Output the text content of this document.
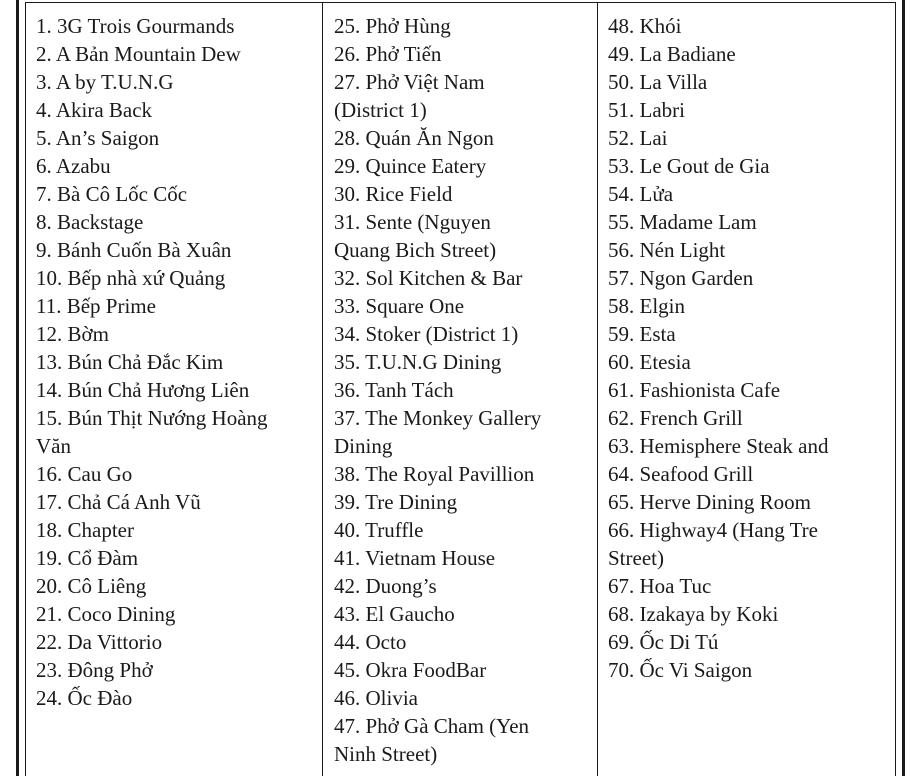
1. 3G Trois Gourmands
2. A Bản Mountain Dew
3. A by T.U.N.G
4. Akira Back
5. An’s Saigon
6. Azabu
7. Bà Cô Lốc Cốc
8. Backstage
9. Bánh Cuốn Bà Xuân
10. Bếp nhà xứ Quảng
11. Bếp Prime
12. Bờm
13. Bún Chả Đắc Kim
14. Bún Chả Hương Liên
15. Bún Thịt Nướng Hoàng
Văn
16. Cau Go
17. Chả Cá Anh Vũ
18. Chapter
19. Cổ Đàm
20. Cô Liêng
21. Coco Dining
22. Da Vittorio
23. Đông Phở
24. Ốc Đào
25. Phở Hùng
26. Phở Tiến
27. Phở Việt Nam
(District 1)
28. Quán Ăn Ngon
29. Quince Eatery
30. Rice Field
31. Sente (Nguyen
Quang Bich Street)
32. Sol Kitchen & Bar
33. Square One
34. Stoker (District 1)
35. T.U.N.G Dining
36. Tanh Tách
37. The Monkey Gallery
Dining
38. The Royal Pavillion
39. Tre Dining
40. Truffle
41. Vietnam House
42. Duong’s
43. El Gaucho
44. Octo
45. Okra FoodBar
46. Olivia
47. Phở Gà Cham (Yen
Ninh Street)
48. Khói
49. La Badiane
50. La Villa
51. Labri
52. Lai
53. Le Gout de Gia
54. Lửa
55. Madame Lam
56. Nén Light
57. Ngon Garden
58. Elgin
59. Esta
60. Etesia
61. Fashionista Cafe
62. French Grill
63. Hemisphere Steak and
64. Seafood Grill
65. Herve Dining Room
66. Highway4 (Hang Tre
Street)
67. Hoa Tuc
68. Izakaya by Koki
69. Ốc Di Tú
70. Ốc Vi Saigon
